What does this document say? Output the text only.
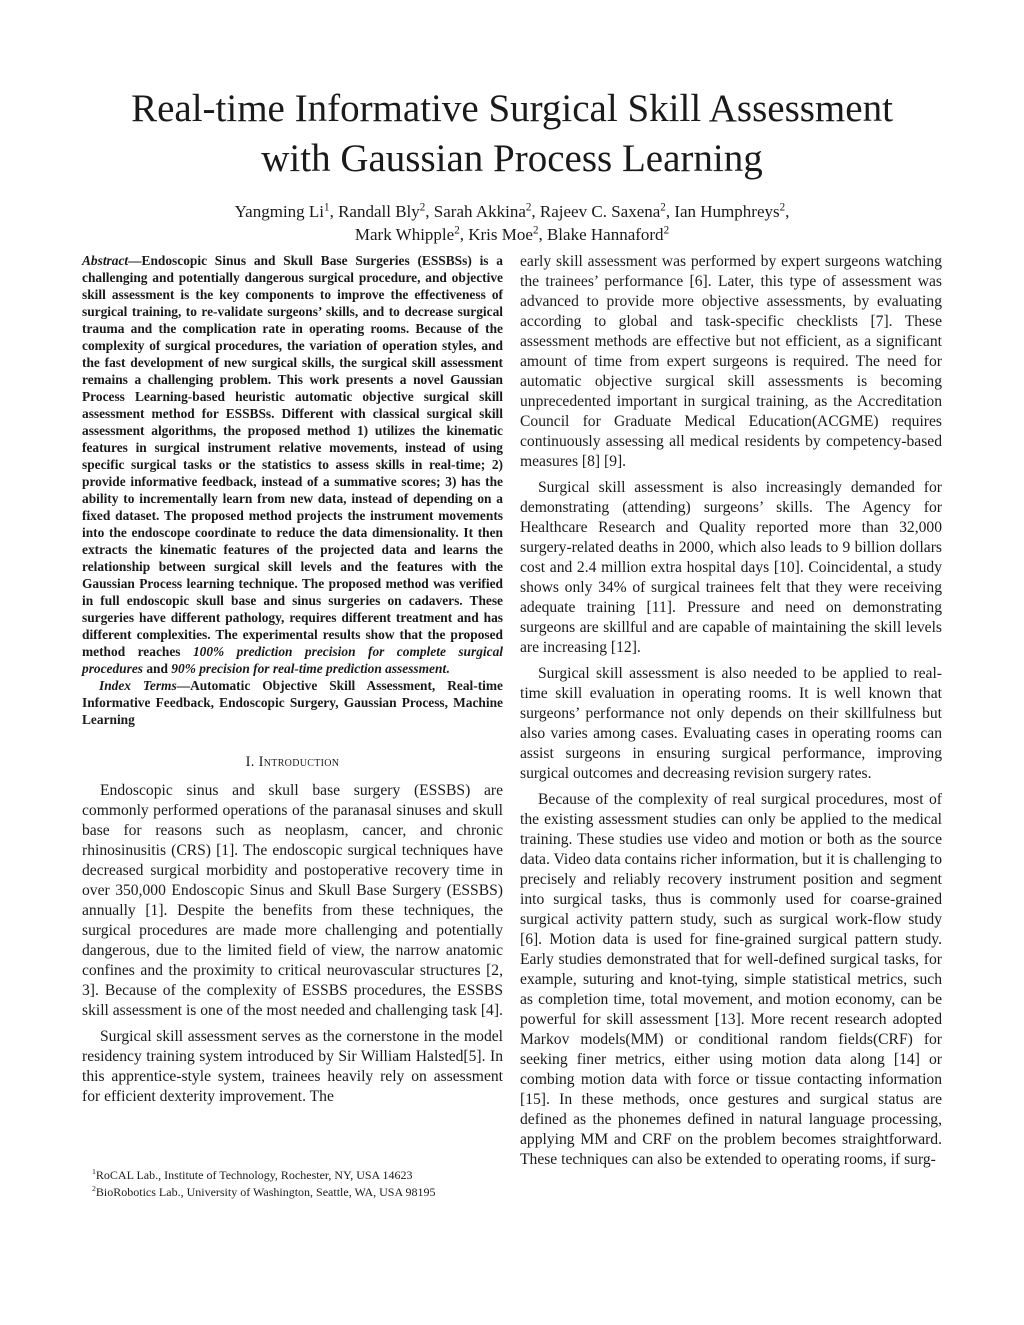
Real-time Informative Surgical Skill Assessment
with Gaussian Process Learning
Yangming Li$^1$, Randall Bly$^2$, Sarah Akkina$^2$, Rajeev C. Saxena$^2$, Ian Humphreys$^2$,
Mark Whipple$^2$, Kris Moe$^2$, Blake Hannaford$^2$

Abstract—Endoscopic Sinus and Skull Base Surgeries (ESSBSs) is a challenging and potentially dangerous surgical procedure, and objective skill assessment is the key components to improve the effectiveness of surgical training, to re-validate surgeons’ skills, and to decrease surgical trauma and the complication rate in operating rooms. Because of the complexity of surgical procedures, the variation of operation styles, and the fast development of new surgical skills, the surgical skill assessment remains a challenging problem. This work presents a novel Gaussian Process Learning-based heuristic automatic objective surgical skill assessment method for ESSBSs. Different with classical surgical skill assessment algorithms, the proposed method 1) utilizes the kinematic features in surgical instrument relative movements, instead of using specific surgical tasks or the statistics to assess skills in real-time; 2) provide informative feedback, instead of a summative scores; 3) has the ability to incrementally learn from new data, instead of depending on a fixed dataset. The proposed method projects the instrument movements into the endoscope coordinate to reduce the data dimensionality. It then extracts the kinematic features of the projected data and learns the relationship between surgical skill levels and the features with the Gaussian Process learning technique. The proposed method was verified in full endoscopic skull base and sinus surgeries on cadavers. These surgeries have different pathology, requires different treatment and has different complexities. The experimental results show that the proposed method reaches 100% prediction precision for complete surgical procedures and 90% precision for real-time prediction assessment.

Index Terms—Automatic Objective Skill Assessment, Real-time Informative Feedback, Endoscopic Surgery, Gaussian Process, Machine Learning

I. Introduction

Endoscopic sinus and skull base surgery (ESSBS) are commonly performed operations of the paranasal sinuses and skull base for reasons such as neoplasm, cancer, and chronic rhinosinusitis (CRS) [1]. The endoscopic surgical techniques have decreased surgical morbidity and postoperative recovery time in over 350,000 Endoscopic Sinus and Skull Base Surgery (ESSBS) annually [1]. Despite the benefits from these techniques, the surgical procedures are made more challenging and potentially dangerous, due to the limited field of view, the narrow anatomic confines and the proximity to critical neurovascular structures [2, 3]. Because of the complexity of ESSBS procedures, the ESSBS skill assessment is one of the most needed and challenging task [4].

Surgical skill assessment serves as the cornerstone in the model residency training system introduced by Sir William Halsted[5]. In this apprentice-style system, trainees heavily rely on assessment for efficient dexterity improvement. The

early skill assessment was performed by expert surgeons watching the trainees’ performance [6]. Later, this type of assessment was advanced to provide more objective assessments, by evaluating according to global and task-specific checklists [7]. These assessment methods are effective but not efficient, as a significant amount of time from expert surgeons is required. The need for automatic objective surgical skill assessments is becoming unprecedented important in surgical training, as the Accreditation Council for Graduate Medical Education(ACGME) requires continuously assessing all medical residents by competency-based measures [8] [9].

Surgical skill assessment is also increasingly demanded for demonstrating (attending) surgeons’ skills. The Agency for Healthcare Research and Quality reported more than 32,000 surgery-related deaths in 2000, which also leads to 9 billion dollars cost and 2.4 million extra hospital days [10]. Coincidental, a study shows only 34% of surgical trainees felt that they were receiving adequate training [11]. Pressure and need on demonstrating surgeons are skillful and are capable of maintaining the skill levels are increasing [12].

Surgical skill assessment is also needed to be applied to real-time skill evaluation in operating rooms. It is well known that surgeons’ performance not only depends on their skillfulness but also varies among cases. Evaluating cases in operating rooms can assist surgeons in ensuring surgical performance, improving surgical outcomes and decreasing revision surgery rates.

Because of the complexity of real surgical procedures, most of the existing assessment studies can only be applied to the medical training. These studies use video and motion or both as the source data. Video data contains richer information, but it is challenging to precisely and reliably recovery instrument position and segment into surgical tasks, thus is commonly used for coarse-grained surgical activity pattern study, such as surgical work-flow study [6]. Motion data is used for fine-grained surgical pattern study. Early studies demonstrated that for well-defined surgical tasks, for example, suturing and knot-tying, simple statistical metrics, such as completion time, total movement, and motion economy, can be powerful for skill assessment [13]. More recent research adopted Markov models(MM) or conditional random fields(CRF) for seeking finer metrics, either using motion data along [14] or combing motion data with force or tissue contacting information [15]. In these methods, once gestures and surgical status are defined as the phonemes defined in natural language processing, applying MM and CRF on the problem becomes straightforward. These techniques can also be extended to operating rooms, if surg-

$^1$RoCAL Lab., Institute of Technology, Rochester, NY, USA 14623
$^2$BioRobotics Lab., University of Washington, Seattle, WA, USA 98195
